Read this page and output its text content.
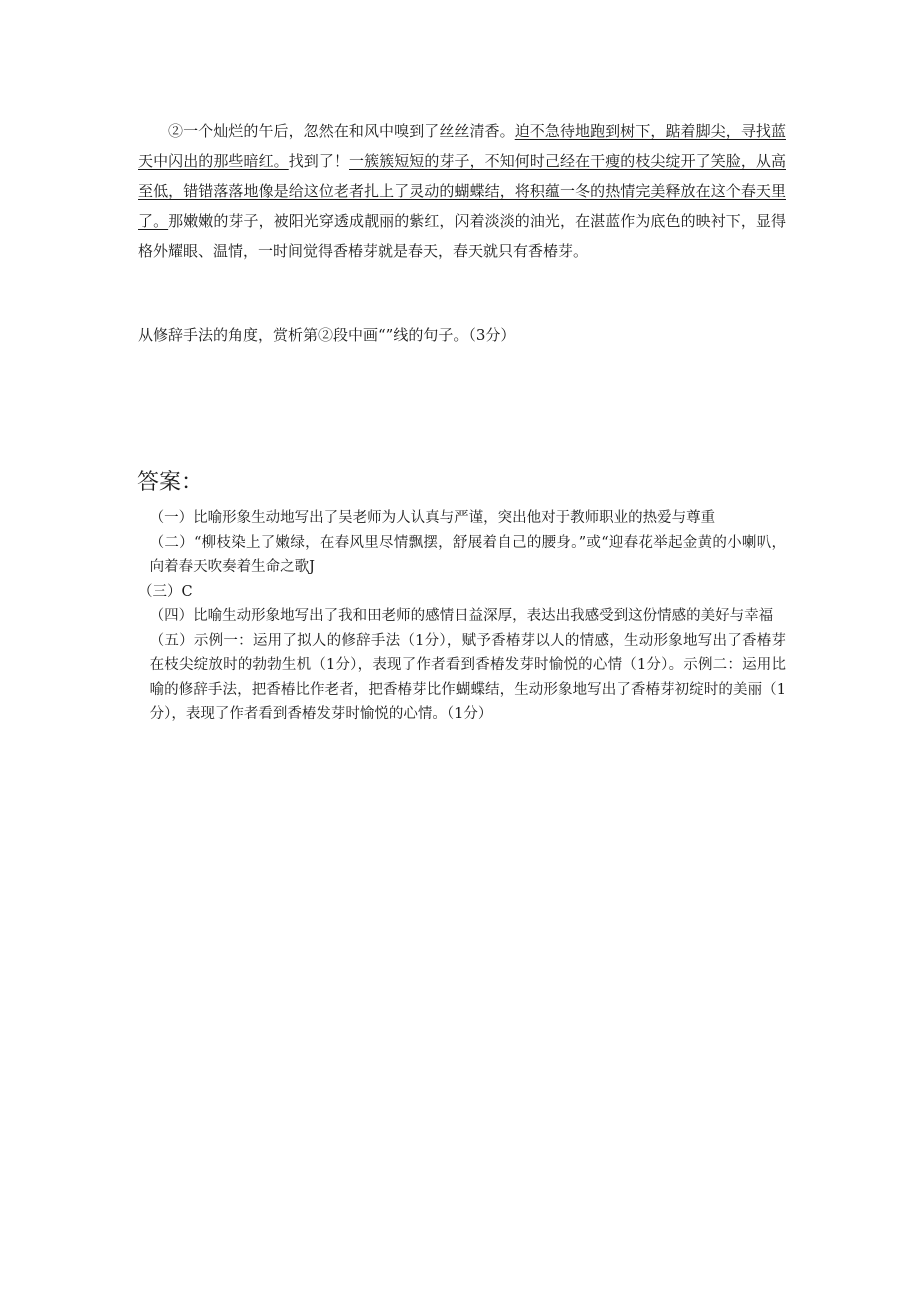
②一个灿烂的午后，忽然在和风中嗅到了丝丝清香。迫不急待地跑到树下，踮着脚尖，寻找蓝天中闪出的那些暗红。找到了！一簇簇短短的芽子，不知何时己经在干瘦的枝尖绽开了笑脸，从高至低，错错落落地像是给这位老者扎上了灵动的蝴蝶结，将积蕴一冬的热情完美释放在这个春天里了。那嫩嫩的芽子，被阳光穿透成靓丽的紫红，闪着淡淡的油光，在湛蓝作为底色的映衬下，显得格外耀眼、温情，一时间觉得香椿芽就是春天，春天就只有香椿芽。

从修辞手法的角度，赏析第②段中画“”线的句子。（3分）

答案：

（一）比喻形象生动地写出了吴老师为人认真与严谨，突出他对于教师职业的热爱与尊重

（二）“柳枝染上了嫩绿，在春风里尽情飘摆，舒展着自己的腰身。”或“迎春花举起金黄的小喇叭，向着春天吹奏着生命之歌J

（三）C

（四）比喻生动形象地写出了我和田老师的感情日益深厚，表达出我感受到这份情感的美好与幸福

（五）示例一：运用了拟人的修辞手法（1分），赋予香椿芽以人的情感，生动形象地写出了香椿芽在枝尖绽放时的勃勃生机（1分），表现了作者看到香椿发芽时愉悦的心情（1分）。示例二：运用比喻的修辞手法，把香椿比作老者，把香椿芽比作蝴蝶结，生动形象地写出了香椿芽初绽时的美丽（1分），表现了作者看到香椿发芽时愉悦的心情。（1分）
